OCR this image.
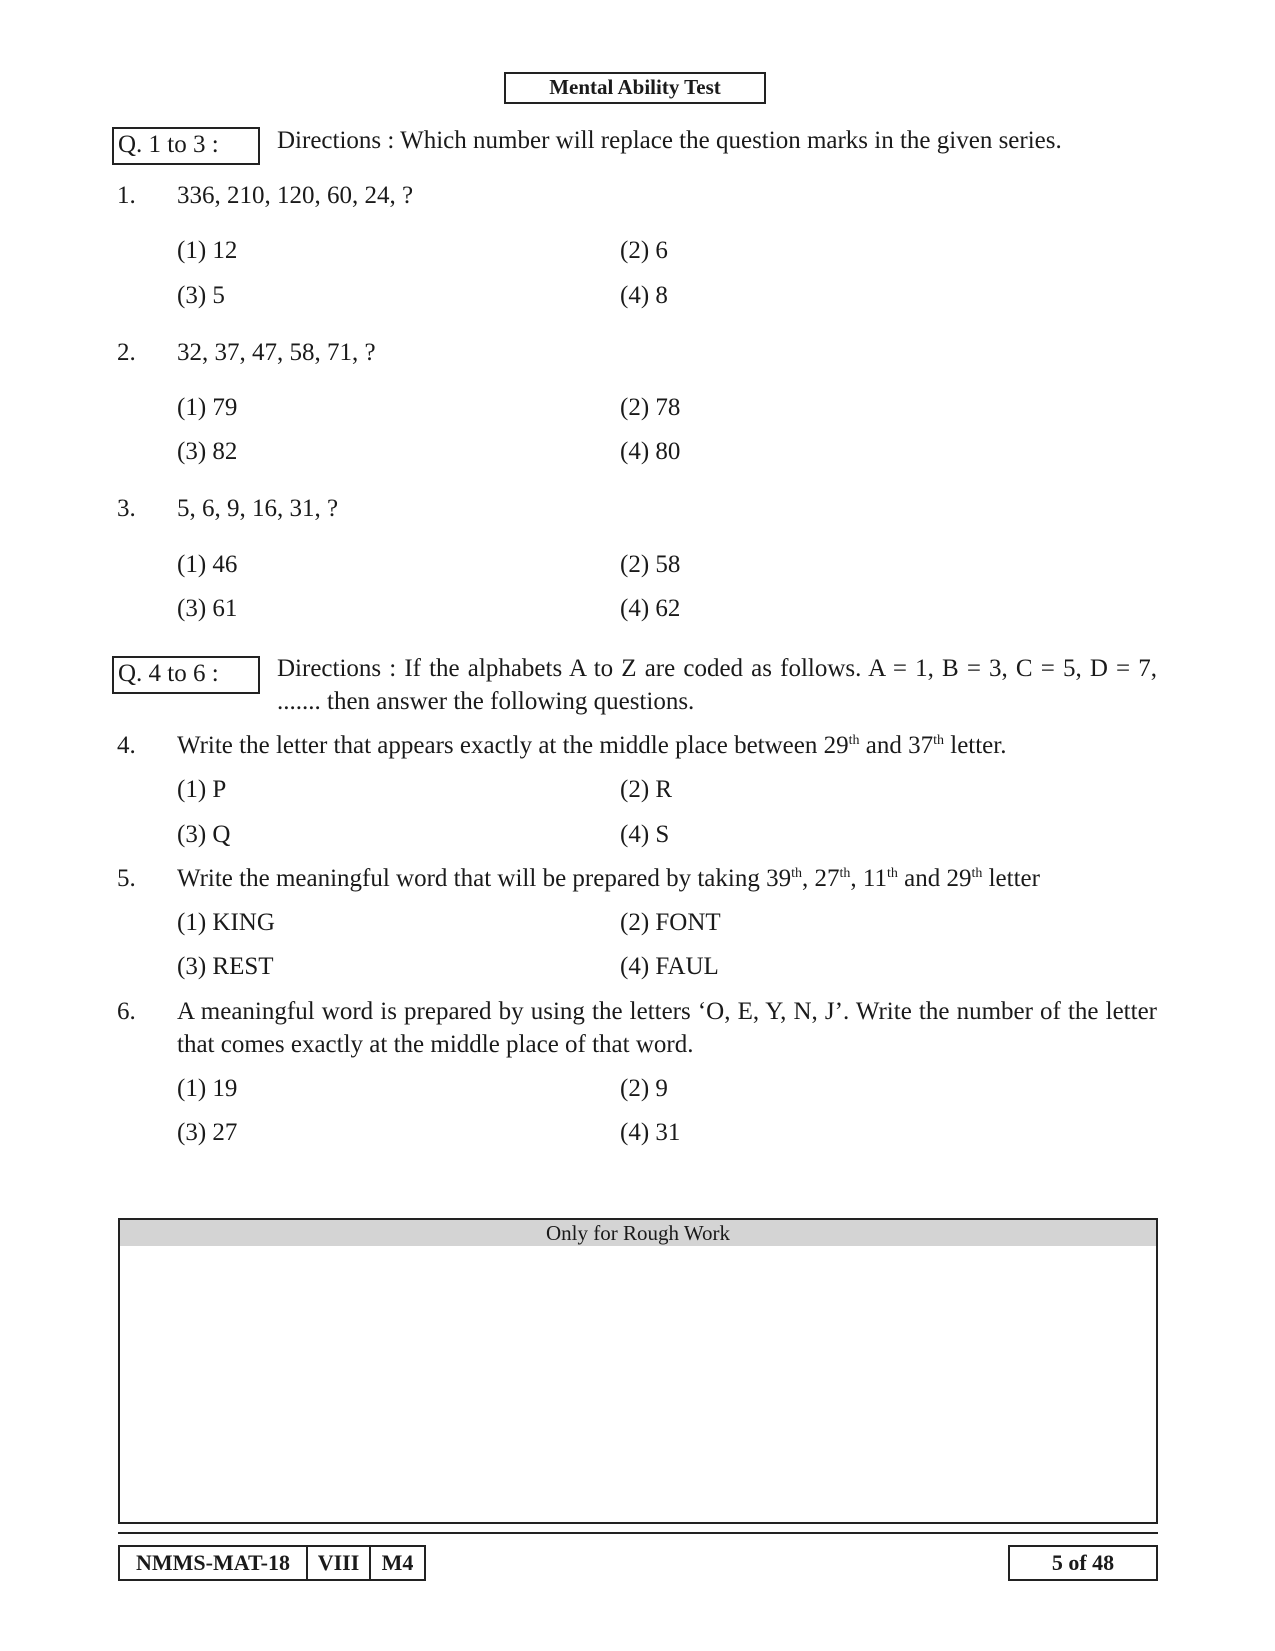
Mental Ability Test
Q. 1 to 3 :	Directions : Which number will replace the question marks in the given series.
1. 336, 210, 120, 60, 24, ?
(1) 12	(2) 6
(3) 5	(4) 8
2. 32, 37, 47, 58, 71, ?
(1) 79	(2) 78
(3) 82	(4) 80
3. 5, 6, 9, 16, 31, ?
(1) 46	(2) 58
(3) 61	(4) 62
Q. 4 to 6 :	Directions : If the alphabets A to Z are coded as follows. A = 1, B = 3, C = 5, D = 7, ....... then answer the following questions.
4. Write the letter that appears exactly at the middle place between 29th and 37th letter.
(1) P	(2) R
(3) Q	(4) S
5. Write the meaningful word that will be prepared by taking 39th, 27th, 11th and 29th letter
(1) KING	(2) FONT
(3) REST	(4) FAUL
6. A meaningful word is prepared by using the letters ‘O, E, Y, N, J’. Write the number of the letter that comes exactly at the middle place of that word.
(1) 19	(2) 9
(3) 27	(4) 31
Only for Rough Work
NMMS-MAT-18	VIII	M4	5 of 48
